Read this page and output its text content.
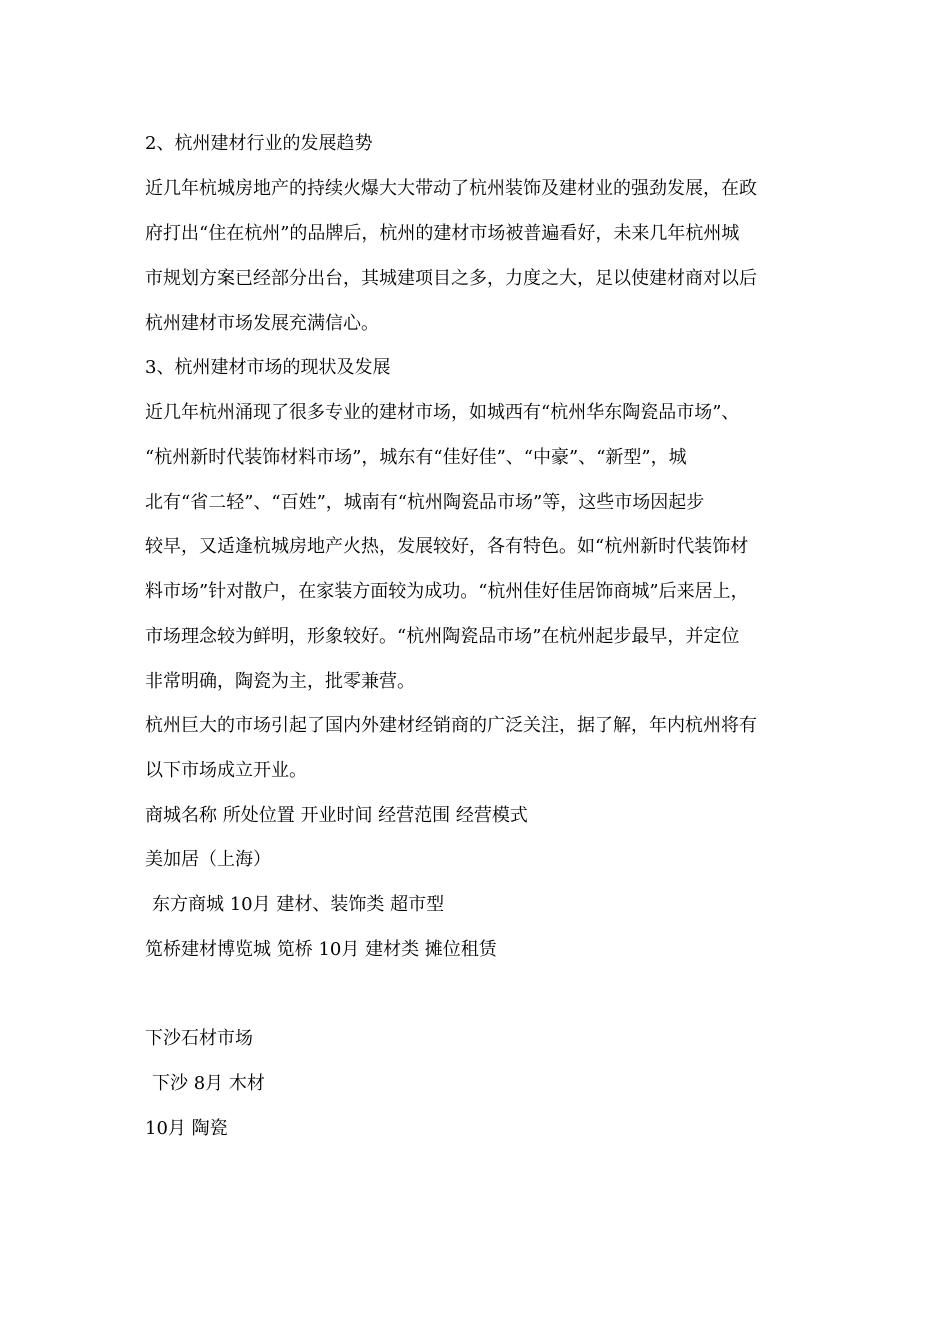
2、杭州建材行业的发展趋势
近几年杭城房地产的持续火爆大大带动了杭州装饰及建材业的强劲发展，在政
府打出“住在杭州”的品牌后，杭州的建材市场被普遍看好，未来几年杭州城
市规划方案已经部分出台，其城建项目之多，力度之大，足以使建材商对以后
杭州建材市场发展充满信心。
3、杭州建材市场的现状及发展
近几年杭州涌现了很多专业的建材市场，如城西有“杭州华东陶瓷品市场”、
“杭州新时代装饰材料市场”，城东有“佳好佳”、“中豪”、“新型”，城
北有“省二轻”、“百姓”，城南有“杭州陶瓷品市场”等，这些市场因起步
较早，又适逢杭城房地产火热，发展较好，各有特色。如“杭州新时代装饰材
料市场”针对散户，在家装方面较为成功。“杭州佳好佳居饰商城”后来居上，
市场理念较为鲜明，形象较好。“杭州陶瓷品市场”在杭州起步最早，并定位
非常明确，陶瓷为主，批零兼营。
杭州巨大的市场引起了国内外建材经销商的广泛关注，据了解，年内杭州将有
以下市场成立开业。
商城名称 所处位置 开业时间 经营范围 经营模式
美加居（上海）
东方商城 10月 建材、装饰类 超市型
笕桥建材博览城 笕桥 10月 建材类 摊位租赁
下沙石材市场
下沙 8月 木材
10月 陶瓷
